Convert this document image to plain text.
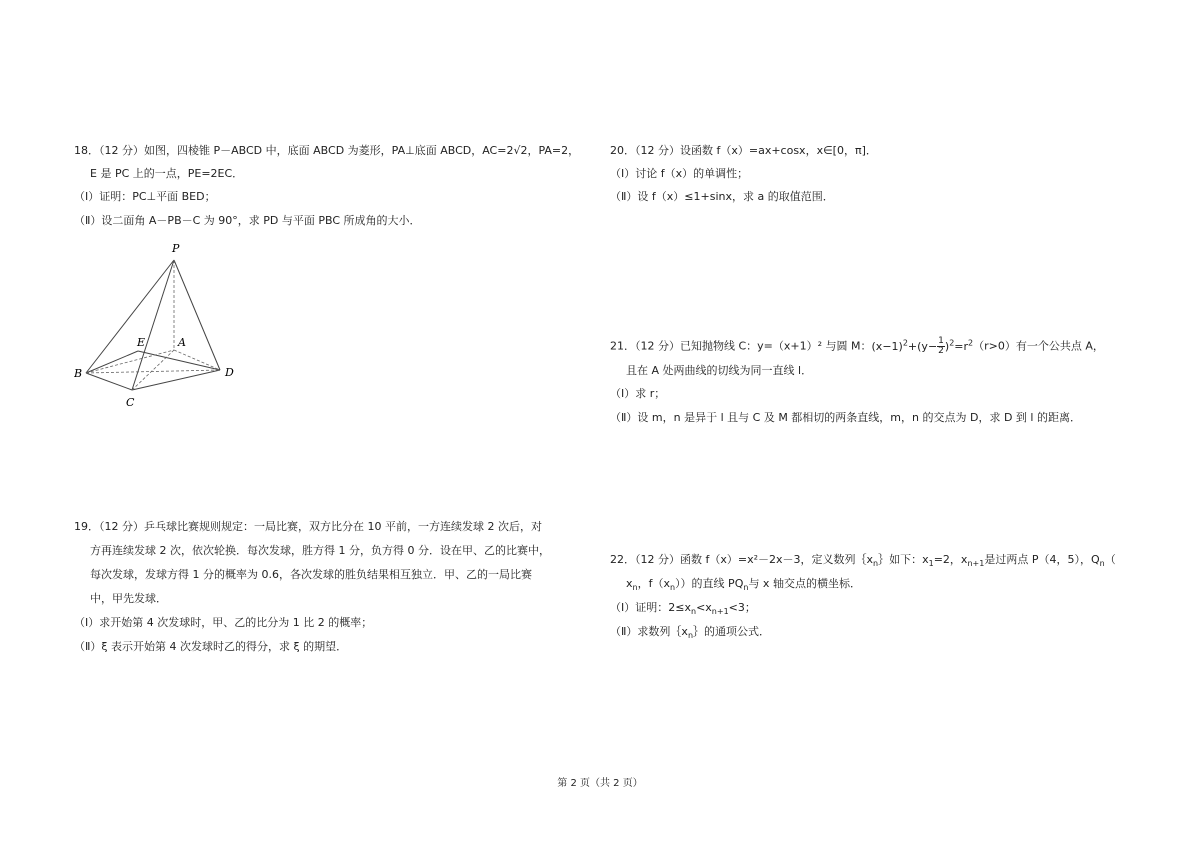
18．（12 分）如图，四棱锥 P－ABCD 中，底面 ABCD 为菱形，PA⊥底面 ABCD，AC=2√2，PA=2，
E 是 PC 上的一点，PE=2EC．
（Ⅰ）证明：PC⊥平面 BED；
（Ⅱ）设二面角 A－PB－C 为 90°，求 PD 与平面 PBC 所成角的大小．
P
A
B
C
D
E
19．（12 分）乒乓球比赛规则规定：一局比赛，双方比分在 10 平前，一方连续发球 2 次后，对
方再连续发球 2 次，依次轮换．每次发球，胜方得 1 分，负方得 0 分．设在甲、乙的比赛中，
每次发球，发球方得 1 分的概率为 0.6，各次发球的胜负结果相互独立．甲、乙的一局比赛
中，甲先发球．
（Ⅰ）求开始第 4 次发球时，甲、乙的比分为 1 比 2 的概率；
（Ⅱ）ξ 表示开始第 4 次发球时乙的得分，求 ξ 的期望．
20．（12 分）设函数 f（x）=ax+cosx，x∈[0，π]．
（Ⅰ）讨论 f（x）的单调性；
（Ⅱ）设 f（x）≤1+sinx，求 a 的取值范围．
21．（12 分）已知抛物线 C：y=（x+1）² 与圆 M：$(x-1)^2+(y- \frac{1}{2} )^2=r^2(r>0)$有一个公共点 A，
且在 A 处两曲线的切线为同一直线 l．
（Ⅰ）求 r；
（Ⅱ）设 m，n 是异于 l 且与 C 及 M 都相切的两条直线，m，n 的交点为 D，求 D 到 l 的距离．
22．（12 分）函数 f（x）=x²－2x－3，定义数列$\{x_n\}$如下：$x_1=2$，$x_{n+1}$是过两点 P（4，5），$Q_n$（
$x_n$，$f(x_n)$）的直线 $PQ_n$与 x 轴交点的横坐标．
（Ⅰ）证明：$2\le x_n<x_{n+1}<3$；
（Ⅱ）求数列$\{x_n\}$的通项公式．
第 2 页（共 2 页）
